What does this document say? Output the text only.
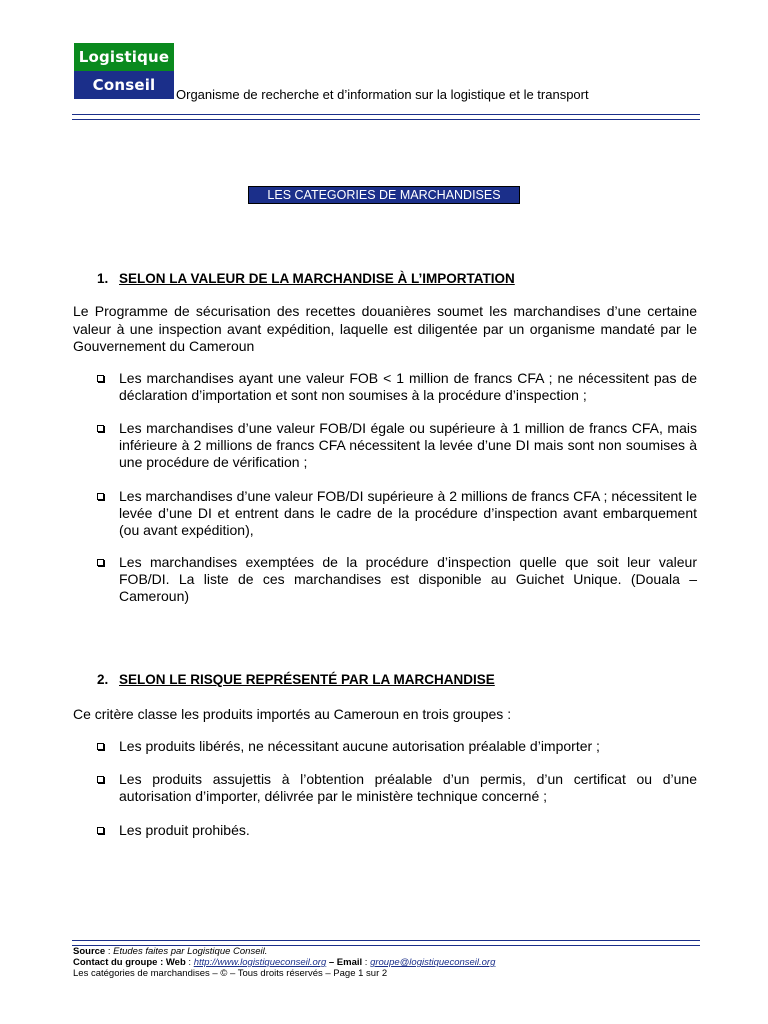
Logistique
Conseil
Organisme de recherche et d’information sur la logistique et le transport
LES CATEGORIES DE MARCHANDISES
1. SELON LA VALEUR DE LA MARCHANDISE À L’IMPORTATION
Le Programme de sécurisation des recettes douanières soumet les marchandises d’une certaine valeur à une inspection avant expédition, laquelle est diligentée par un organisme mandaté par le Gouvernement du Cameroun
Les marchandises ayant une valeur FOB < 1 million de francs CFA ; ne nécessitent pas de déclaration d’importation et sont non soumises à la procédure d’inspection ;
Les marchandises d’une valeur FOB/DI égale ou supérieure à 1 million de francs CFA, mais inférieure à 2 millions de francs CFA nécessitent la levée d’une DI mais sont non soumises à une procédure de vérification ;
Les marchandises d’une valeur FOB/DI supérieure à 2 millions de francs CFA ; nécessitent le levée d’une DI et entrent dans le cadre de la procédure d’inspection avant embarquement (ou avant expédition),
Les marchandises exemptées de la procédure d’inspection quelle que soit leur valeur FOB/DI. La liste de ces marchandises est disponible au Guichet Unique. (Douala – Cameroun)
2. SELON LE RISQUE REPRÉSENTÉ PAR LA MARCHANDISE
Ce critère classe les produits importés au Cameroun en trois groupes :
Les produits libérés, ne nécessitant aucune autorisation préalable d’importer ;
Les produits assujettis à l’obtention préalable d’un permis, d’un certificat ou d’une autorisation d’importer, délivrée par le ministère technique concerné ;
Les produit prohibés.
Source : Etudes faites par Logistique Conseil.
Contact du groupe : Web : http://www.logistiqueconseil.org – Email : groupe@logistiqueconseil.org
Les catégories de marchandises – © – Tous droits réservés – Page 1 sur 2
